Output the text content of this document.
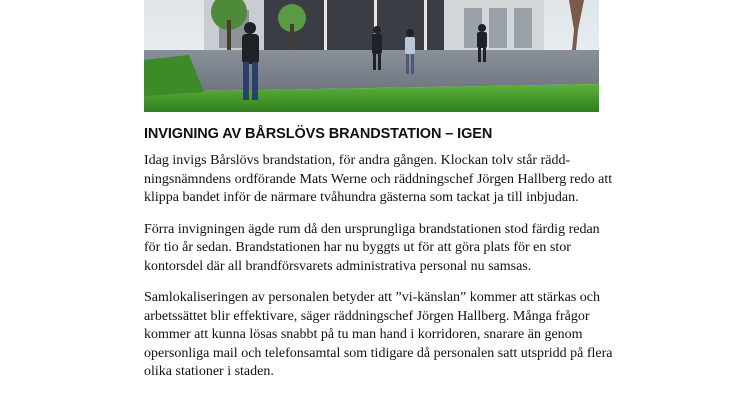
INVIGNING AV BÅRSLÖVS BRANDSTATION – IGEN

Idag invigs Bårslövs brandstation, för andra gången. Klockan tolv står rädd-ningsnämndens ordförande Mats Werne och räddningschef Jörgen Hallberg redo att klippa bandet inför de närmare tvåhundra gästerna som tackat ja till inbjudan.

Förra invigningen ägde rum då den ursprungliga brandstationen stod färdig redan för tio år sedan. Brandstationen har nu byggts ut för att göra plats för en stor kontorsdel där all brandförsvarets administrativa personal nu samsas.

Samlokaliseringen av personalen betyder att ”vi-känslan” kommer att stärkas och arbetssättet blir effektivare, säger räddningschef Jörgen Hallberg. Många frågor kommer att kunna lösas snabbt på tu man hand i korridoren, snarare än genom opersonliga mail och telefonsamtal som tidigare då personalen satt utspridd på flera olika stationer i staden.
